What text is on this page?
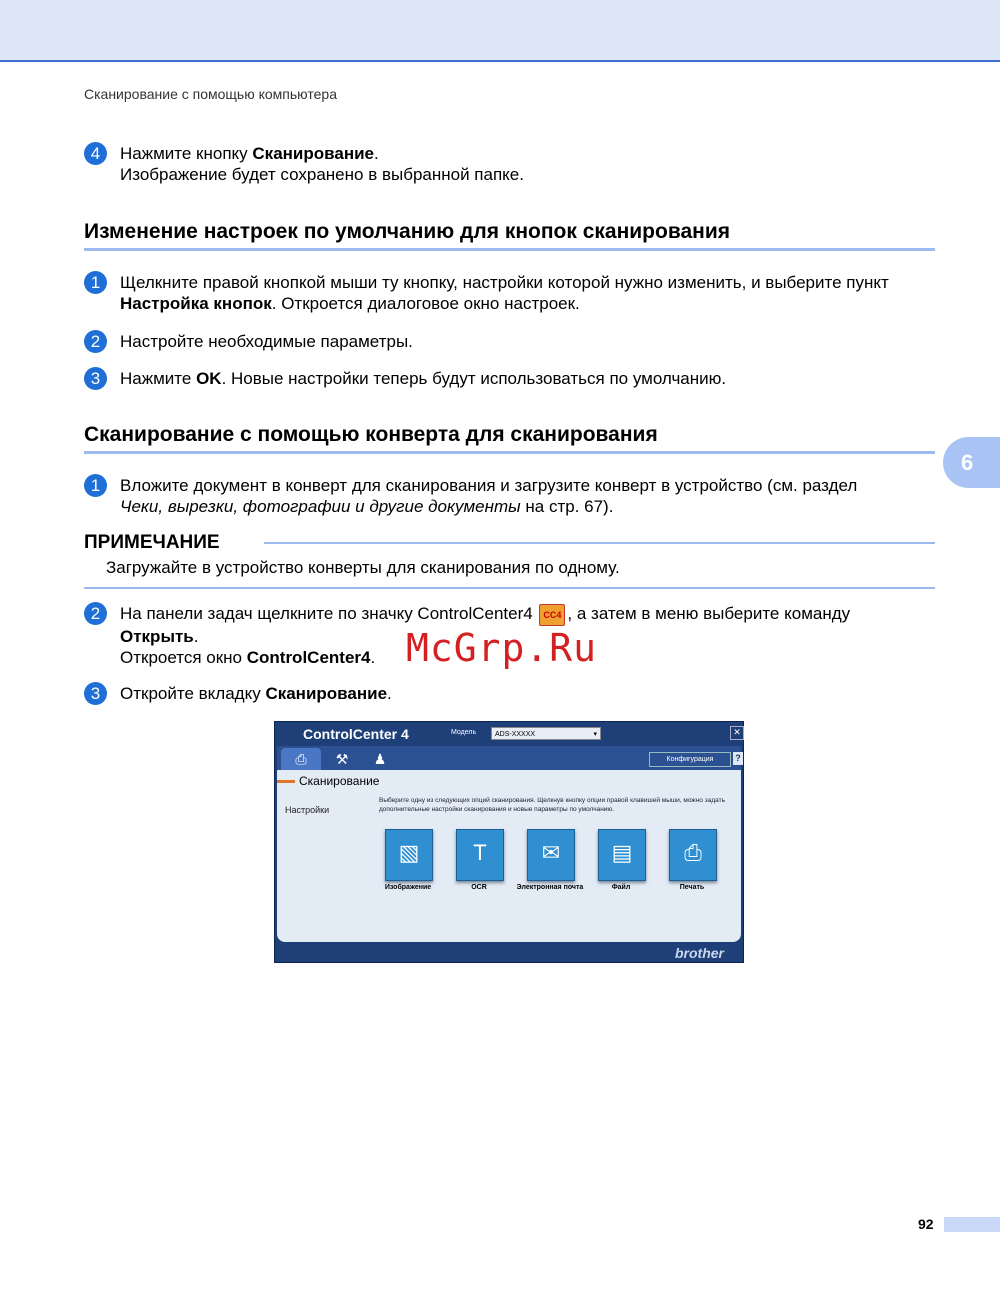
Сканирование с помощью компьютера
6
4	Нажмите кнопку Сканирование.
Изображение будет сохранено в выбранной папке.
Изменение настроек по умолчанию для кнопок сканирования
1	Щелкните правой кнопкой мыши ту кнопку, настройки которой нужно изменить, и выберите пункт
Настройка кнопок. Откроется диалоговое окно настроек.
2	Настройте необходимые параметры.
3	Нажмите OK. Новые настройки теперь будут использоваться по умолчанию.
Сканирование с помощью конверта для сканирования
1	Вложите документ в конверт для сканирования и загрузите конверт в устройство (см. раздел
Чеки, вырезки, фотографии и другие документы на стр. 67).
ПРИМЕЧАНИЕ
Загружайте в устройство конверты для сканирования по одному.
2	На панели задач щелкните по значку ControlCenter4 CC4 , а затем в меню выберите команду
Открыть.
Откроется окно ControlCenter4. McGrp.Ru
3	Откройте вкладку Сканирование.
ControlCenter 4	Модель	ADS-XXXXX	▾	✕
⎙	⚒	♟	Конфигурация	?
Сканирование
Настройки
Выберите одну из следующих опций сканирования. Щелкнув кнопку опции правой клавишей мыши, можно задать дополнительные настройки сканирования и новые параметры по умолчанию.
▧
Изображение
T
OCR
✉
Электронная почта
▤
Файл
⎙
Печать
brother
92
